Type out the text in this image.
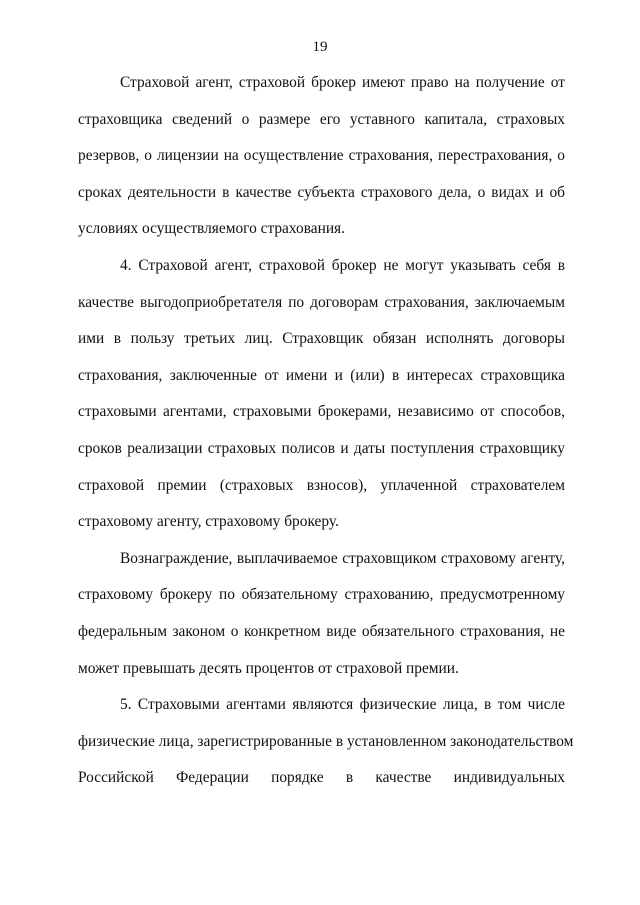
19
Страховой агент, страховой брокер имеют право на получение от
страховщика сведений о размере его уставного капитала, страховых
резервов, о лицензии на осуществление страхования, перестрахования, о
сроках деятельности в качестве субъекта страхового дела, о видах и об
условиях осуществляемого страхования.
4. Страховой агент, страховой брокер не могут указывать себя в
качестве выгодоприобретателя по договорам страхования, заключаемым
ими в пользу третьих лиц. Страховщик обязан исполнять договоры
страхования, заключенные от имени и (или) в интересах страховщика
страховыми агентами, страховыми брокерами, независимо от способов,
сроков реализации страховых полисов и даты поступления страховщику
страховой премии (страховых взносов), уплаченной страхователем
страховому агенту, страховому брокеру.
Вознаграждение, выплачиваемое страховщиком страховому агенту,
страховому брокеру по обязательному страхованию, предусмотренному
федеральным законом о конкретном виде обязательного страхования, не
может превышать десять процентов от страховой премии.
5. Страховыми агентами являются физические лица, в том числе
физические лица, зарегистрированные в установленном законодательством
Российской Федерации порядке в качестве индивидуальных
